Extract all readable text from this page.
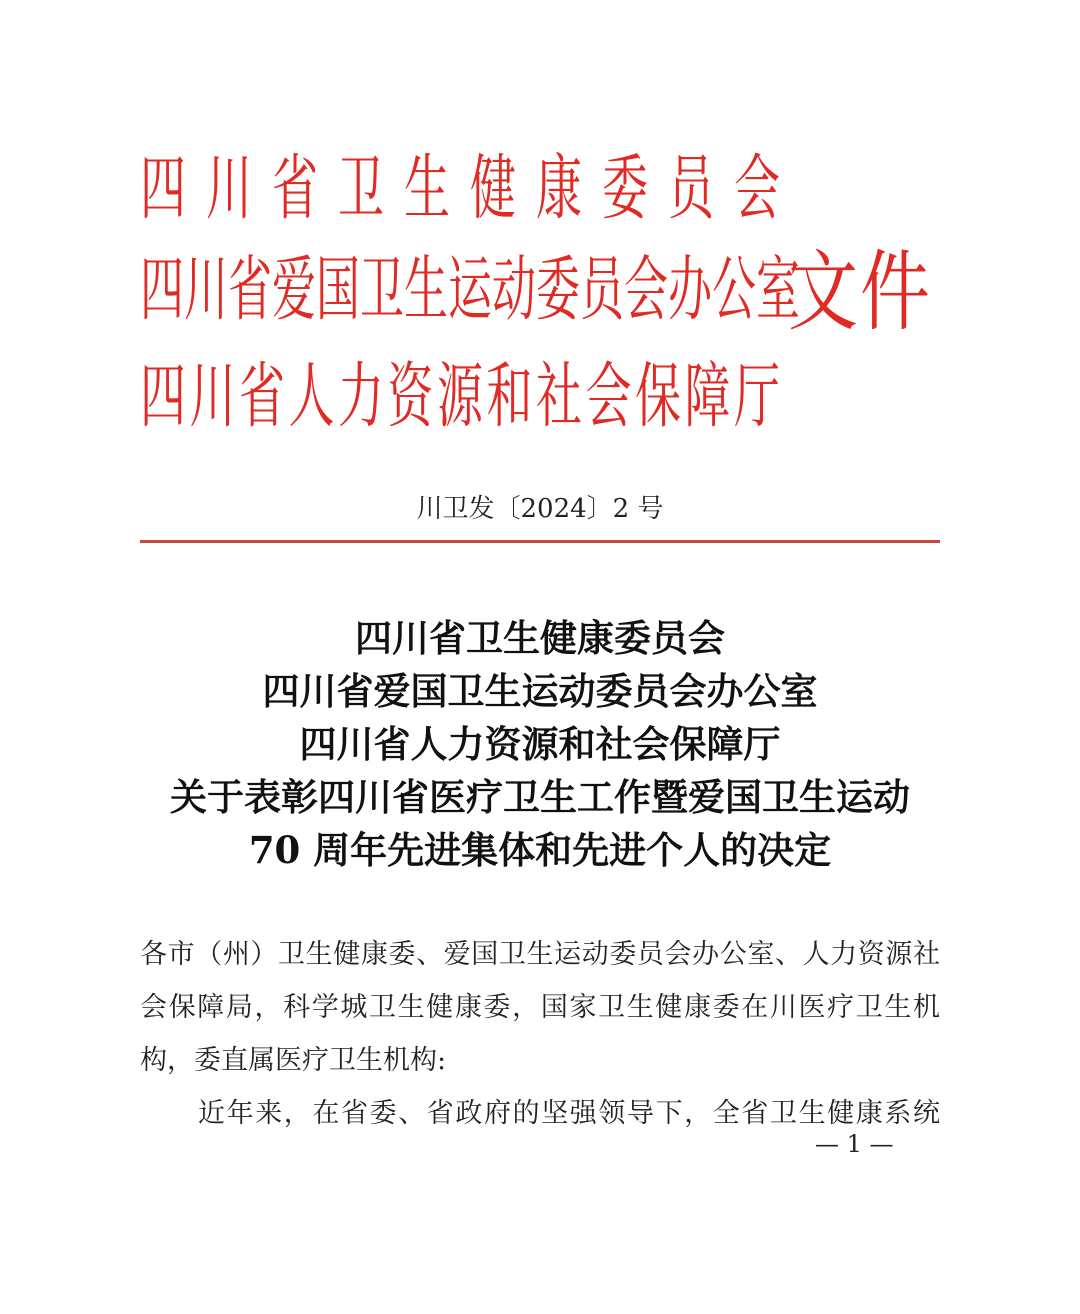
四川省卫生健康委员会
四川省爱国卫生运动委员会办公室
四川省人力资源和社会保障厅
文件
川卫发〔2024〕2 号
四川省卫生健康委员会
四川省爱国卫生运动委员会办公室
四川省人力资源和社会保障厅
关于表彰四川省医疗卫生工作暨爱国卫生运动
70 周年先进集体和先进个人的决定
各市（州）卫生健康委、爱国卫生运动委员会办公室、人力资源社会保障局，科学城卫生健康委，国家卫生健康委在川医疗卫生机构，委直属医疗卫生机构:
近年来，在省委、省政府的坚强领导下，全省卫生健康系统
— 1 —
